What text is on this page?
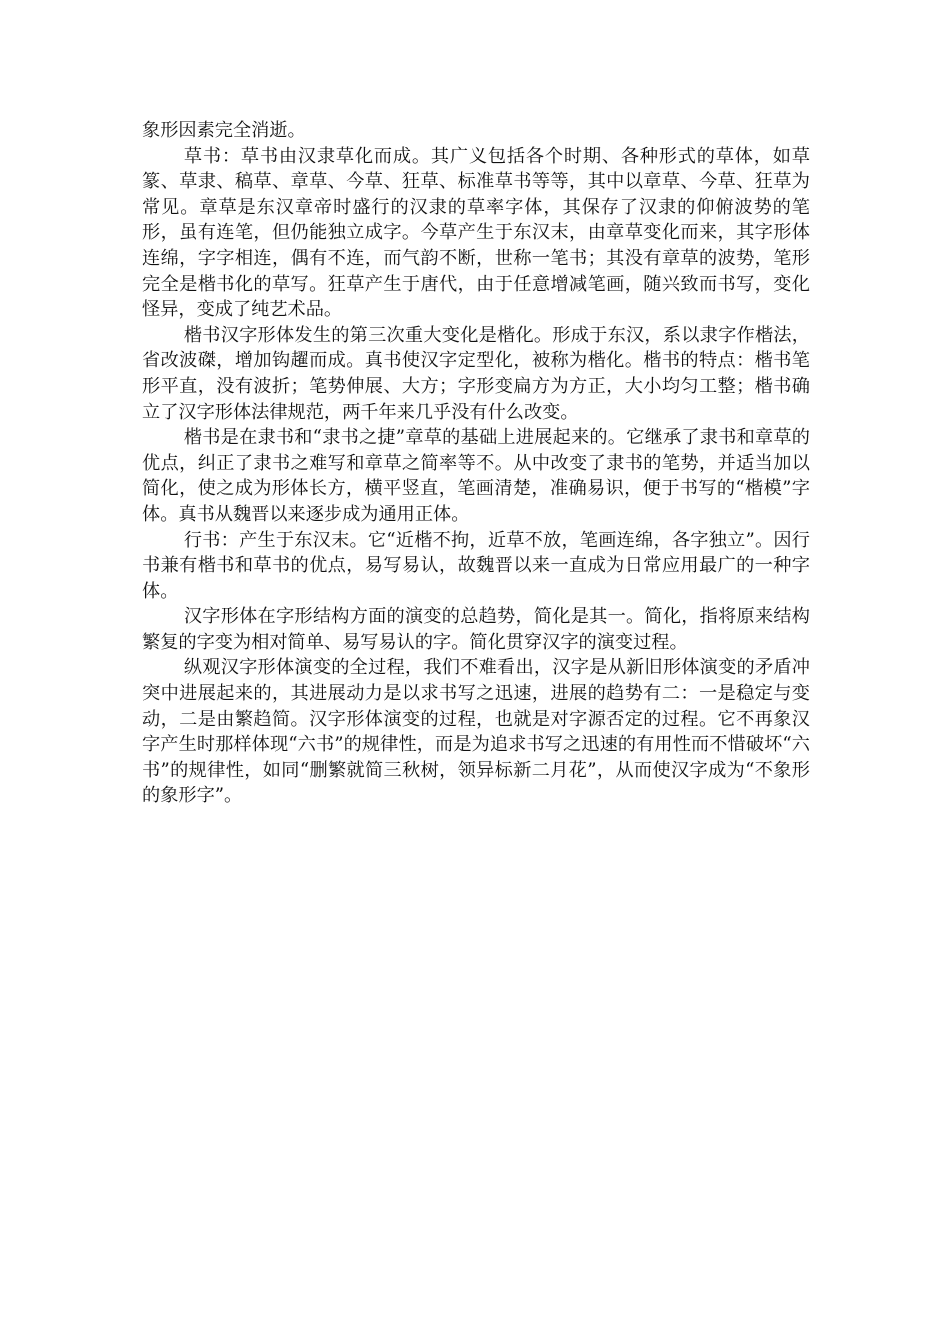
象形因素完全消逝。

草书：草书由汉隶草化而成。其广义包括各个时期、各种形式的草体，如草篆、草隶、稿草、章草、今草、狂草、标准草书等等，其中以章草、今草、狂草为常见。章草是东汉章帝时盛行的汉隶的草率字体，其保存了汉隶的仰俯波势的笔形，虽有连笔，但仍能独立成字。今草产生于东汉末，由章草变化而来，其字形体连绵，字字相连，偶有不连，而气韵不断，世称一笔书；其没有章草的波势，笔形完全是楷书化的草写。狂草产生于唐代，由于任意增减笔画，随兴致而书写，变化怪异，变成了纯艺术品。

楷书汉字形体发生的第三次重大变化是楷化。形成于东汉，系以隶字作楷法，省改波磔，增加钩趯而成。真书使汉字定型化，被称为楷化。楷书的特点：楷书笔形平直，没有波折；笔势伸展、大方；字形变扁方为方正，大小均匀工整；楷书确立了汉字形体法律规范，两千年来几乎没有什么改变。

楷书是在隶书和“隶书之捷”章草的基础上进展起来的。它继承了隶书和章草的优点，纠正了隶书之难写和章草之简率等不。从中改变了隶书的笔势，并适当加以简化，使之成为形体长方，横平竖直，笔画清楚，准确易识，便于书写的“楷模”字体。真书从魏晋以来逐步成为通用正体。

行书：产生于东汉末。它“近楷不拘，近草不放，笔画连绵，各字独立”。因行书兼有楷书和草书的优点，易写易认，故魏晋以来一直成为日常应用最广的一种字体。

汉字形体在字形结构方面的演变的总趋势，简化是其一。简化，指将原来结构繁复的字变为相对简单、易写易认的字。简化贯穿汉字的演变过程。

纵观汉字形体演变的全过程，我们不难看出，汉字是从新旧形体演变的矛盾冲突中进展起来的，其进展动力是以求书写之迅速，进展的趋势有二：一是稳定与变动，二是由繁趋简。汉字形体演变的过程，也就是对字源否定的过程。它不再象汉字产生时那样体现“六书”的规律性，而是为追求书写之迅速的有用性而不惜破坏“六书”的规律性，如同“删繁就简三秋树，领异标新二月花”，从而使汉字成为“不象形的象形字”。
